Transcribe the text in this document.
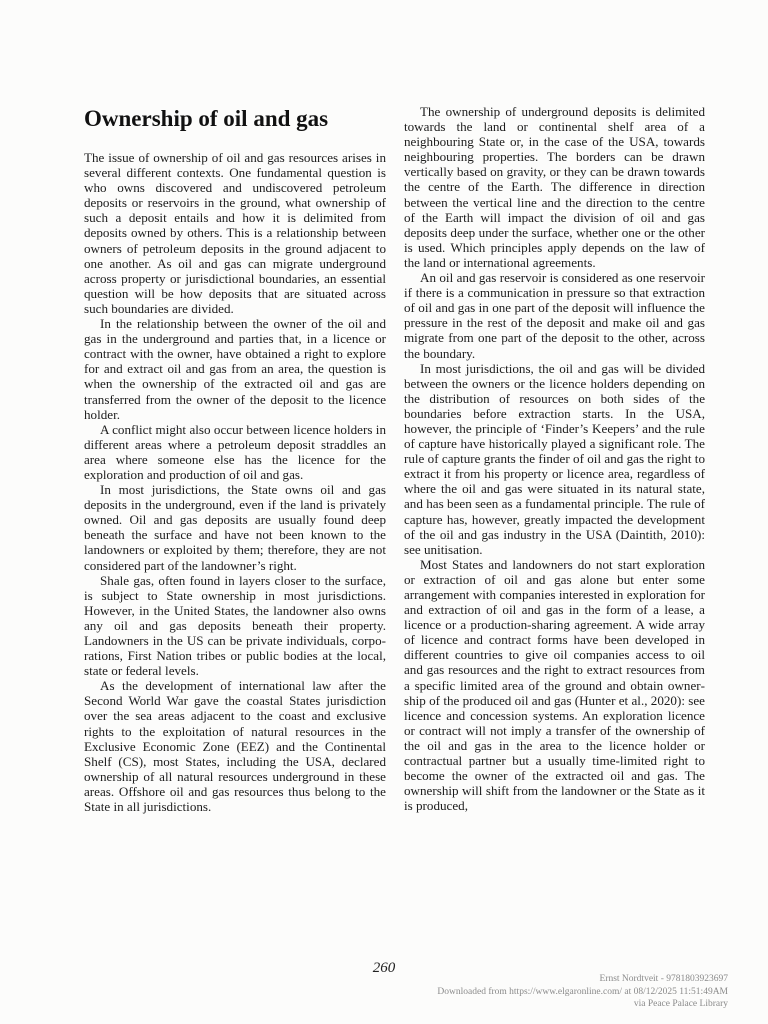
Ownership of oil and gas

The issue of ownership of oil and gas resources arises in several different contexts. One fundamental question is who owns discovered and undiscovered petroleum deposits or reservoirs in the ground, what ownership of such a deposit entails and how it is delimited from deposits owned by others. This is a relationship between owners of petroleum deposits in the ground adjacent to one another. As oil and gas can migrate underground across property or jurisdictional boundaries, an essential question will be how deposits that are situated across such boundaries are divided.

In the relationship between the owner of the oil and gas in the underground and parties that, in a licence or contract with the owner, have obtained a right to explore for and extract oil and gas from an area, the question is when the ownership of the extracted oil and gas are transferred from the owner of the deposit to the licence holder.

A conflict might also occur between licence holders in different areas where a petroleum deposit straddles an area where someone else has the licence for the exploration and production of oil and gas.

In most jurisdictions, the State owns oil and gas deposits in the underground, even if the land is privately owned. Oil and gas deposits are usually found deep beneath the surface and have not been known to the landowners or exploited by them; therefore, they are not considered part of the landowner’s right.

Shale gas, often found in layers closer to the surface, is subject to State ownership in most jurisdictions. However, in the United States, the landowner also owns any oil and gas deposits beneath their property. Landowners in the US can be private individuals, corporations, First Nation tribes or public bodies at the local, state or federal levels.

As the development of international law after the Second World War gave the coastal States jurisdiction over the sea areas adjacent to the coast and exclusive rights to the exploitation of natural resources in the Exclusive Economic Zone (EEZ) and the Continental Shelf (CS), most States, including the USA, declared ownership of all natural resources underground in these areas. Offshore oil and gas resources thus belong to the State in all jurisdictions.

The ownership of underground deposits is delimited towards the land or continental shelf area of a neighbouring State or, in the case of the USA, towards neighbouring properties. The borders can be drawn vertically based on gravity, or they can be drawn towards the centre of the Earth. The difference in direction between the vertical line and the direction to the centre of the Earth will impact the division of oil and gas deposits deep under the surface, whether one or the other is used. Which principles apply depends on the law of the land or international agreements.

An oil and gas reservoir is considered as one reservoir if there is a communication in pressure so that extraction of oil and gas in one part of the deposit will influence the pressure in the rest of the deposit and make oil and gas migrate from one part of the deposit to the other, across the boundary.

In most jurisdictions, the oil and gas will be divided between the owners or the licence holders depending on the distribution of resources on both sides of the boundaries before extraction starts. In the USA, however, the principle of ‘Finder’s Keepers’ and the rule of capture have historically played a significant role. The rule of capture grants the finder of oil and gas the right to extract it from his property or licence area, regardless of where the oil and gas were situated in its natural state, and has been seen as a fundamental principle. The rule of capture has, however, greatly impacted the development of the oil and gas industry in the USA (Daintith, 2010): see unitisation.

Most States and landowners do not start exploration or extraction of oil and gas alone but enter some arrangement with companies interested in exploration for and extraction of oil and gas in the form of a lease, a licence or a production-sharing agreement. A wide array of licence and contract forms have been developed in different countries to give oil companies access to oil and gas resources and the right to extract resources from a specific limited area of the ground and obtain ownership of the produced oil and gas (Hunter et al., 2020): see licence and concession systems. An exploration licence or contract will not imply a transfer of the ownership of the oil and gas in the area to the licence holder or contractual partner but a usually time-limited right to become the owner of the extracted oil and gas. The ownership will shift from the landowner or the State as it is produced,

260
Ernst Nordtveit - 9781803923697
Downloaded from https://www.elgaronline.com/ at 08/12/2025 11:51:49AM
via Peace Palace Library
